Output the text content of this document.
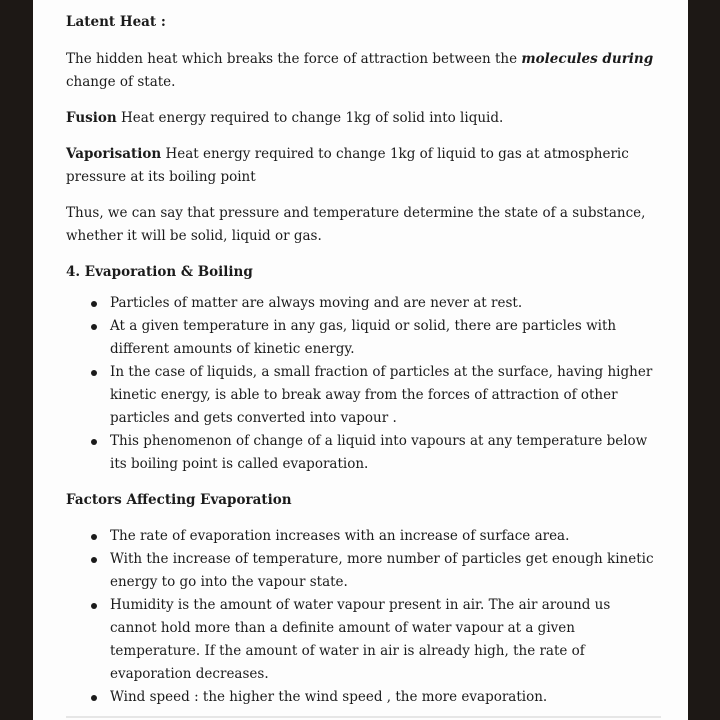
Latent Heat :

The hidden heat which breaks the force of attraction between the molecules during change of state.

Fusion Heat energy required to change 1kg of solid into liquid.

Vaporisation Heat energy required to change 1kg of liquid to gas at atmospheric pressure at its boiling point

Thus, we can say that pressure and temperature determine the state of a substance, whether it will be solid, liquid or gas.

4. Evaporation & Boiling

Particles of matter are always moving and are never at rest.
At a given temperature in any gas, liquid or solid, there are particles with different amounts of kinetic energy.
In the case of liquids, a small fraction of particles at the surface, having higher kinetic energy, is able to break away from the forces of attraction of other particles and gets converted into vapour .
This phenomenon of change of a liquid into vapours at any temperature below its boiling point is called evaporation.

Factors Affecting Evaporation

The rate of evaporation increases with an increase of surface area.
With the increase of temperature, more number of particles get enough kinetic energy to go into the vapour state.
Humidity is the amount of water vapour present in air. The air around us cannot hold more than a definite amount of water vapour at a given temperature. If the amount of water in air is already high, the rate of evaporation decreases.
Wind speed : the higher the wind speed , the more evaporation.
